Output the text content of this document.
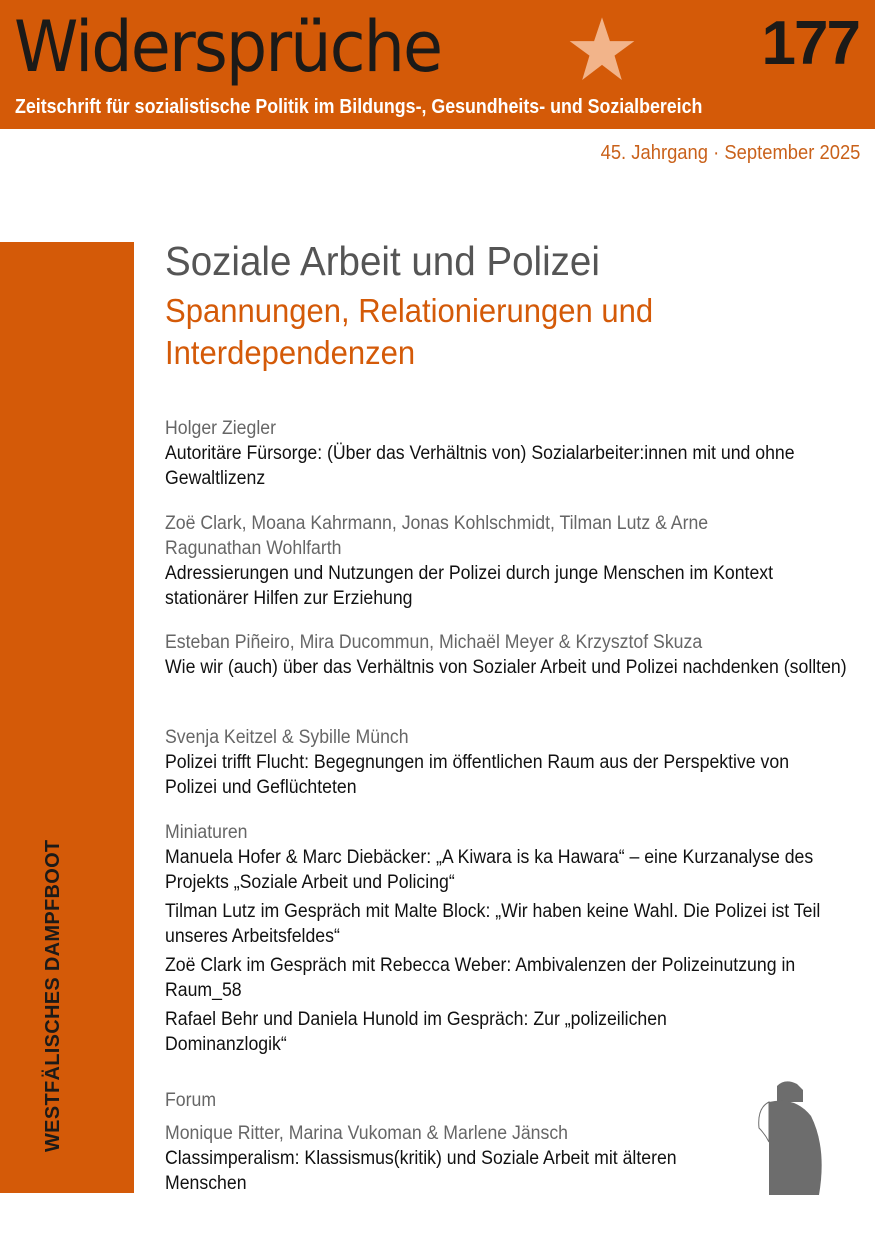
Widersprüche	177
Zeitschrift für sozialistische Politik im Bildungs-, Gesundheits- und Sozialbereich
45. Jahrgang · September 2025
WESTFÄLISCHES DAMPFBOOT
Soziale Arbeit und Polizei
Spannungen, Relationierungen und Interdependenzen
Holger Ziegler
Autoritäre Fürsorge: (Über das Verhältnis von) Sozialarbeiter:innen mit und ohne Gewaltlizenz
Zoë Clark, Moana Kahrmann, Jonas Kohlschmidt, Tilman Lutz & Arne Ragunathan Wohlfarth
Adressierungen und Nutzungen der Polizei durch junge Menschen im Kontext stationärer Hilfen zur Erziehung
Esteban Piñeiro, Mira Ducommun, Michaël Meyer & Krzysztof Skuza
Wie wir (auch) über das Verhältnis von Sozialer Arbeit und Polizei nachdenken (sollten)
Svenja Keitzel & Sybille Münch
Polizei trifft Flucht: Begegnungen im öffentlichen Raum aus der Perspektive von Polizei und Geflüchteten
Miniaturen
Manuela Hofer & Marc Diebäcker: „A Kiwara is ka Hawara“ – eine Kurzanalyse des Projekts „Soziale Arbeit und Policing“
Tilman Lutz im Gespräch mit Malte Block: „Wir haben keine Wahl. Die Polizei ist Teil unseres Arbeitsfeldes“
Zoë Clark im Gespräch mit Rebecca Weber: Ambivalenzen der Polizeinutzung in Raum_58
Rafael Behr und Daniela Hunold im Gespräch: Zur „polizeilichen Dominanzlogik“
Forum
Monique Ritter, Marina Vukoman & Marlene Jänsch
Classimperalism: Klassismus(kritik) und Soziale Arbeit mit älteren Menschen
